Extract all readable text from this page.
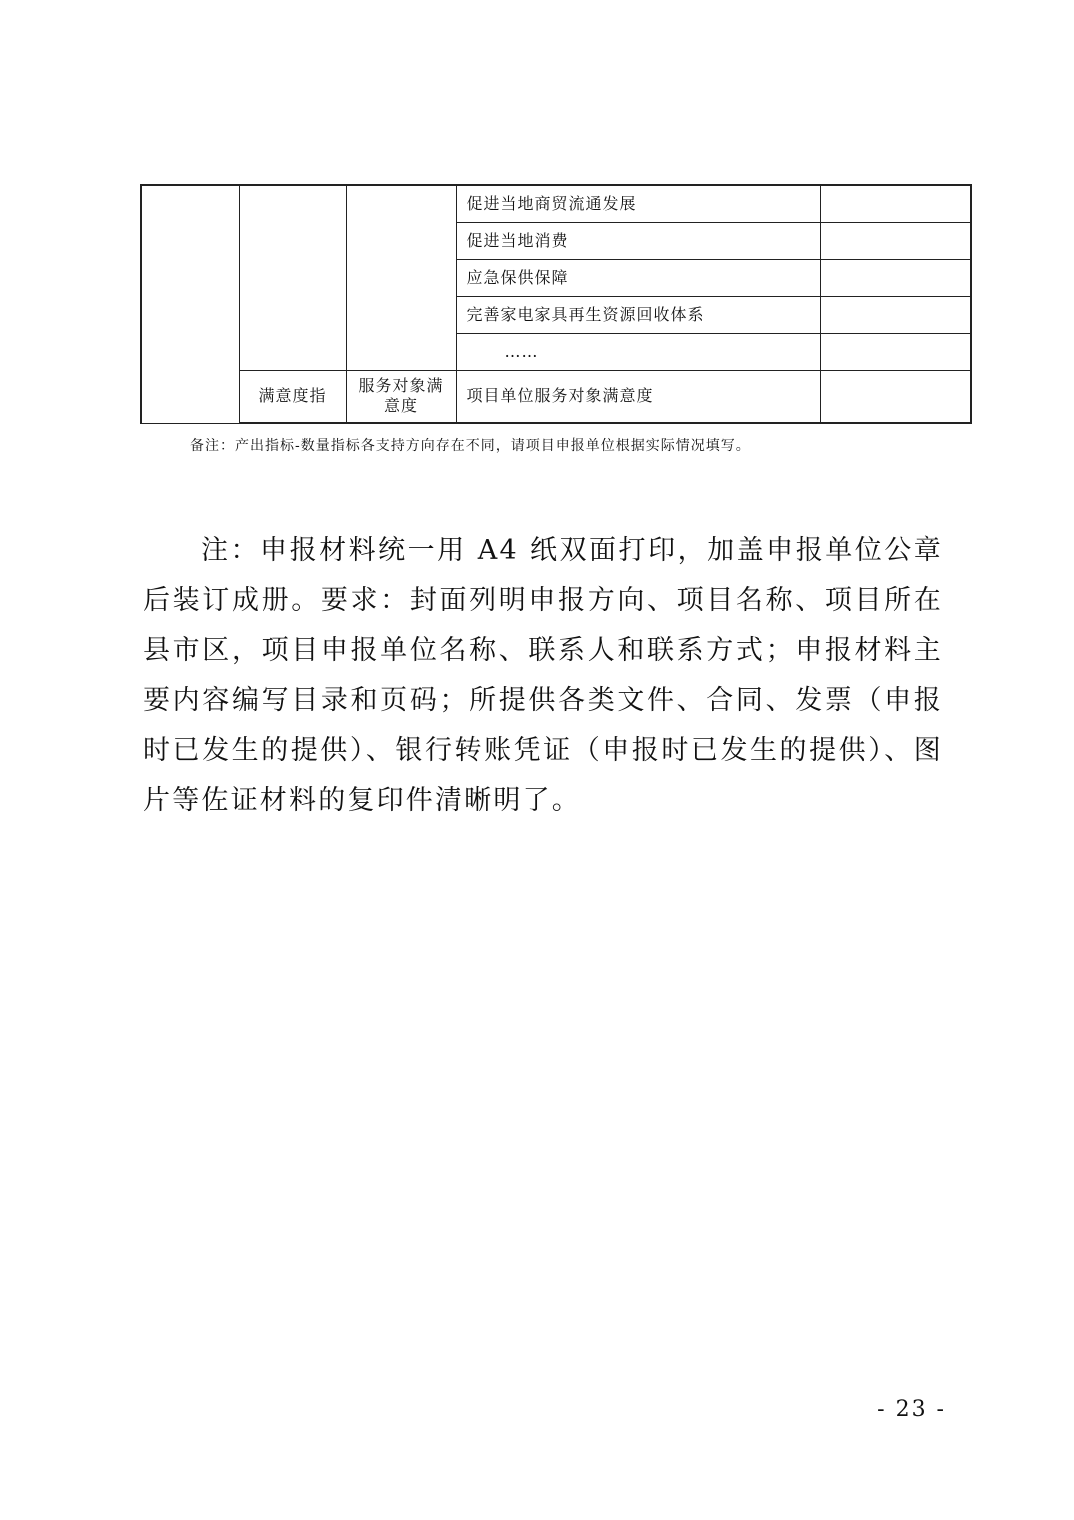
			促进当地商贸流通发展	
			促进当地消费	
			应急保供保障	
			完善家电家具再生资源回收体系	
			……	
	满意度指	服务对象满意度	项目单位服务对象满意度	
备注：产出指标-数量指标各支持方向存在不同，请项目申报单位根据实际情况填写。

注：申报材料统一用 A4 纸双面打印，加盖申报单位公章后装订成册。要求：封面列明申报方向、项目名称、项目所在县市区，项目申报单位名称、联系人和联系方式；申报材料主要内容编写目录和页码；所提供各类文件、合同、发票（申报时已发生的提供）、银行转账凭证（申报时已发生的提供）、图片等佐证材料的复印件清晰明了。

- 23 -
